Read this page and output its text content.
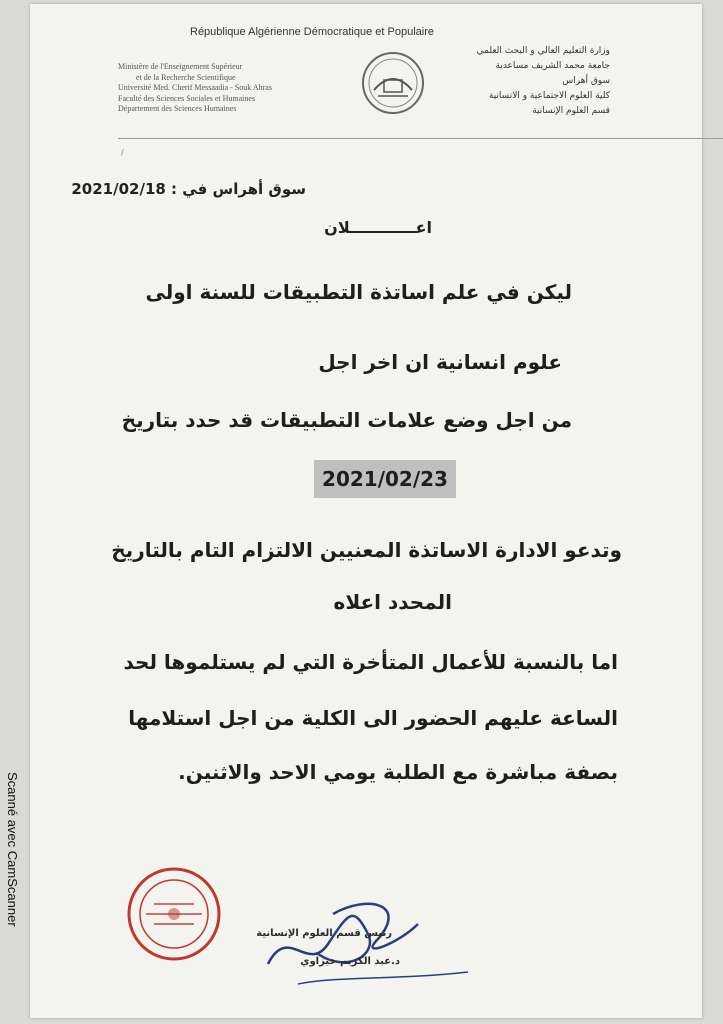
République Algérienne Démocratique et Populaire
Ministère de l'Enseignement Supérieur
et de la Recherche Scientifique
Université Med. Cherif Messaadia - Souk Ahras
Faculté des Sciences Sociales et Humaines
Département des Sciences Humaines
وزارة التعليم العالي و البحث العلمي
جامعة محمد الشريف مساعدية
سوق أهراس
كلية العلوم الاجتماعية و الانسانية
قسم العلوم الإنسانية
/
سوق أهراس في : 2021/02/18
اعــــــــــــلان
ليكن في علم اساتذة التطبيقات للسنة اولى
علوم انسانية ان اخر اجل
من اجل وضع علامات التطبيقات قد حدد بتاريخ
2021/02/23
وتدعو الادارة الاساتذة المعنيين الالتزام التام بالتاريخ
المحدد اعلاه
اما بالنسبة للأعمال المتأخرة التي لم يستلموها لحد
الساعة عليهم الحضور الى الكلية من اجل استلامها
بصفة مباشرة مع الطلبة يومي الاحد والاثنين.
رئيس قسم العلوم الإنسانية
د.عبد الكريم خيزاوي
Scanné avec CamScanner
